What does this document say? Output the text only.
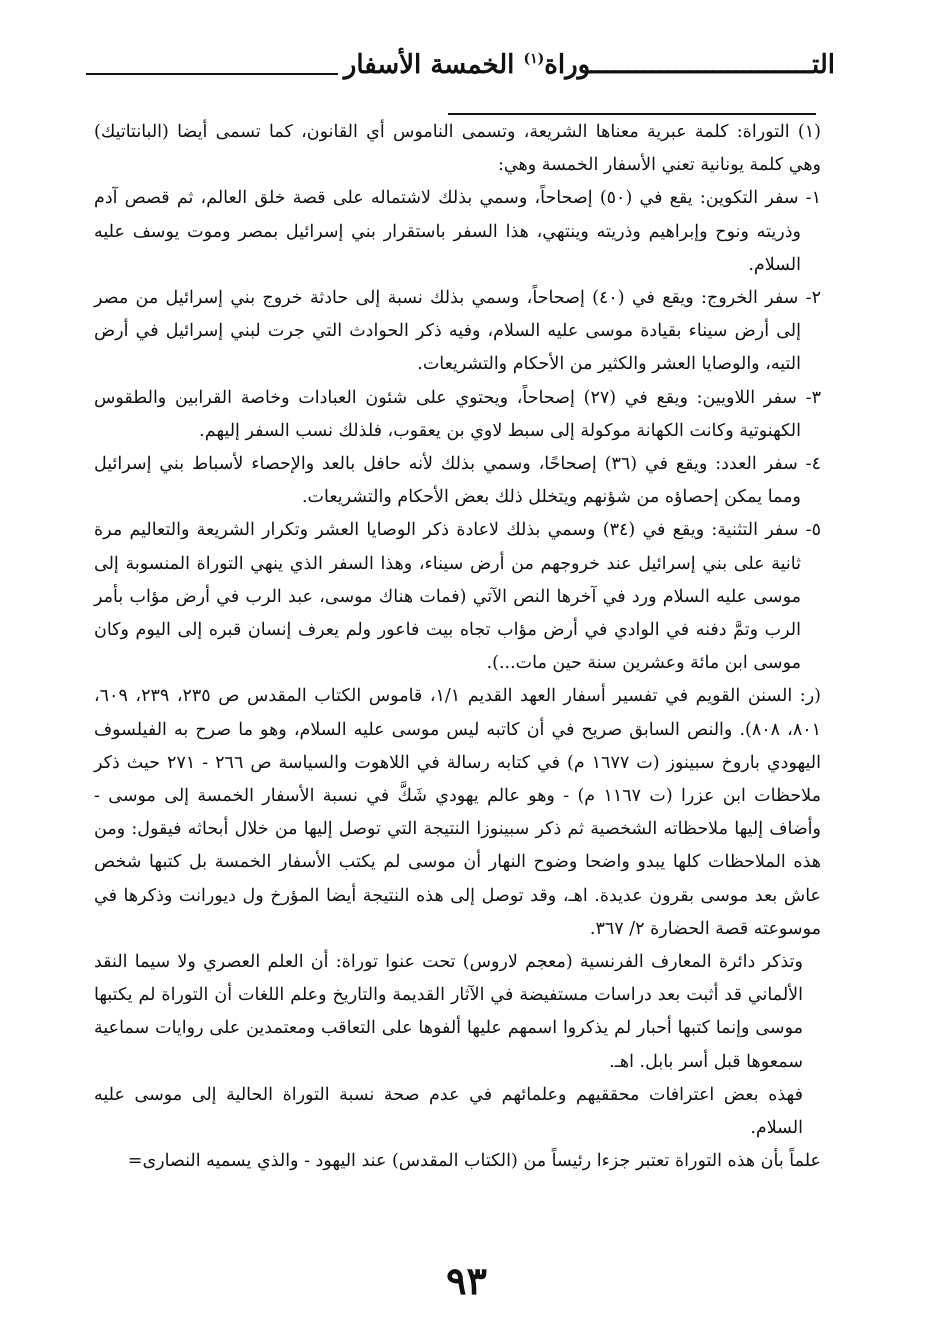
التـــــــــــــــــــــــــــــوراة$^{(١)}$ الخمسة الأسفار

(١) التوراة: كلمة عبرية معناها الشريعة، وتسمى الناموس أي القانون، كما تسمى أيضا (البانتاتيك) وهي كلمة يونانية تعني الأسفار الخمسة وهي:

١- سفر التكوين: يقع في (٥٠) إصحاحاً، وسمي بذلك لاشتماله على قصة خلق العالم، ثم قصص آدم وذريته ونوح وإبراهيم وذريته وينتهي، هذا السفر باستقرار بني إسرائيل بمصر وموت يوسف عليه السلام.

٢- سفر الخروج: ويقع في (٤٠) إصحاحاً، وسمي بذلك نسبة إلى حادثة خروج بني إسرائيل من مصر إلى أرض سيناء بقيادة موسى عليه السلام، وفيه ذكر الحوادث التي جرت لبني إسرائيل في أرض التيه، والوصايا العشر والكثير من الأحكام والتشريعات.

٣- سفر اللاويين: ويقع في (٢٧) إصحاحاً، ويحتوي على شئون العبادات وخاصة القرابين والطقوس الكهنوتية وكانت الكهانة موكولة إلى سبط لاوي بن يعقوب، فلذلك نسب السفر إليهم.

٤- سفر العدد: ويقع في (٣٦) إصحاحًا، وسمي بذلك لأنه حافل بالعد والإحصاء لأسباط بني إسرائيل ومما يمكن إحصاؤه من شؤنهم ويتخلل ذلك بعض الأحكام والتشريعات.

٥- سفر التثنية: ويقع في (٣٤) وسمي بذلك لاعادة ذكر الوصايا العشر وتكرار الشريعة والتعاليم مرة ثانية على بني إسرائيل عند خروجهم من أرض سيناء، وهذا السفر الذي ينهي التوراة المنسوبة إلى موسى عليه السلام ورد في آخرها النص الآتي (فمات هناك موسى، عبد الرب في أرض مؤاب بأمر الرب وتمَّ دفنه في الوادي في أرض مؤاب تجاه بيت فاعور ولم يعرف إنسان قبره إلى اليوم وكان موسى ابن مائة وعشرين سنة حين مات...).

(ر: السنن القويم في تفسير أسفار العهد القديم ١/١، قاموس الكتاب المقدس ص ٢٣٥، ٢٣٩، ٦٠٩، ٨٠١، ٨٠٨). والنص السابق صريح في أن كاتبه ليس موسى عليه السلام، وهو ما صرح به الفيلسوف اليهودي باروخ سبينوز (ت ١٦٧٧ م) في كتابه رسالة في اللاهوت والسياسة ص ٢٦٦ - ٢٧١ حيث ذكر ملاحظات ابن عزرا (ت ١١٦٧ م) - وهو عالم يهودي شَكَّ في نسبة الأسفار الخمسة إلى موسى - وأضاف إليها ملاحظاته الشخصية ثم ذكر سبينوزا النتيجة التي توصل إليها من خلال أبحاثه فيقول: ومن هذه الملاحظات كلها يبدو واضحا وضوح النهار أن موسى لم يكتب الأسفار الخمسة بل كتبها شخص عاش بعد موسى بقرون عديدة. اهـ، وقد توصل إلى هذه النتيجة أيضا المؤرخ ول ديورانت وذكرها في موسوعته قصة الحضارة ٢/ ٣٦٧.

وتذكر دائرة المعارف الفرنسية (معجم لاروس) تحت عنوا توراة: أن العلم العصري ولا سيما النقد الألماني قد أثبت بعد دراسات مستفيضة في الآثار القديمة والتاريخ وعلم اللغات أن التوراة لم يكتبها موسى وإنما كتبها أحبار لم يذكروا اسمهم عليها ألفوها على التعاقب ومعتمدين على روايات سماعية سمعوها قبل أسر بابل. اهـ.

فهذه بعض اعترافات محققيهم وعلمائهم في عدم صحة نسبة التوراة الحالية إلى موسى عليه السلام.

علماً بأن هذه التوراة تعتبر جزءا رئيساً من (الكتاب المقدس) عند اليهود - والذي يسميه النصارى=

٩٣
